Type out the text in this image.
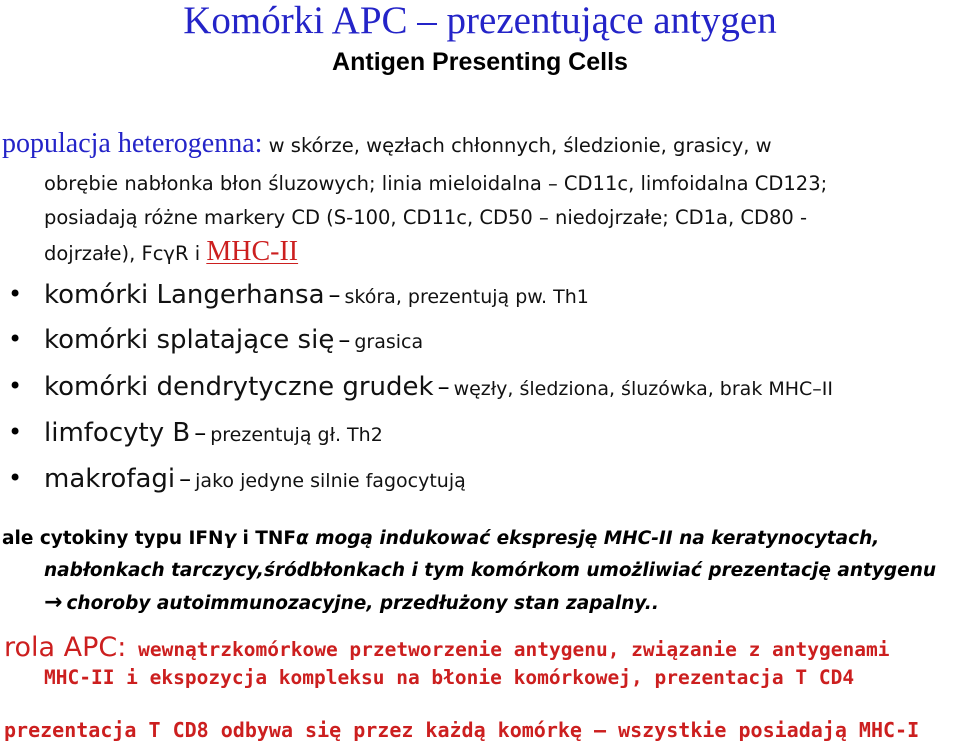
Komórki APC – prezentujące antygen
Antigen Presenting Cells
populacja heterogenna: w skórze, węzłach chłonnych, śledzionie, grasicy, w
obrębie nabłonka błon śluzowych; linia mieloidalna – CD11c, limfoidalna CD123;
posiadają różne markery CD (S-100, CD11c, CD50 – niedojrzałe; CD1a, CD80 -
dojrzałe), FcγR i MHC-II
• komórki Langerhansa – skóra, prezentują pw. Th1
• komórki splatające się – grasica
• komórki dendrytyczne grudek – węzły, śledziona, śluzówka, brak MHC–II
• limfocyty B – prezentują gł. Th2
• makrofagi – jako jedyne silnie fagocytują
ale cytokiny typu IFNγ i TNFα mogą indukować ekspresję MHC-II na keratynocytach,
nabłonkach tarczycy,śródbłonkach i tym komórkom umożliwiać prezentację antygenu
→ choroby autoimmunozacyjne, przedłużony stan zapalny..
rola APC: wewnątrzkomórkowe przetworzenie antygenu, związanie z antygenami
MHC-II i ekspozycja kompleksu na błonie komórkowej, prezentacja T CD4
prezentacja T CD8 odbywa się przez każdą komórkę – wszystkie posiadają MHC-I
